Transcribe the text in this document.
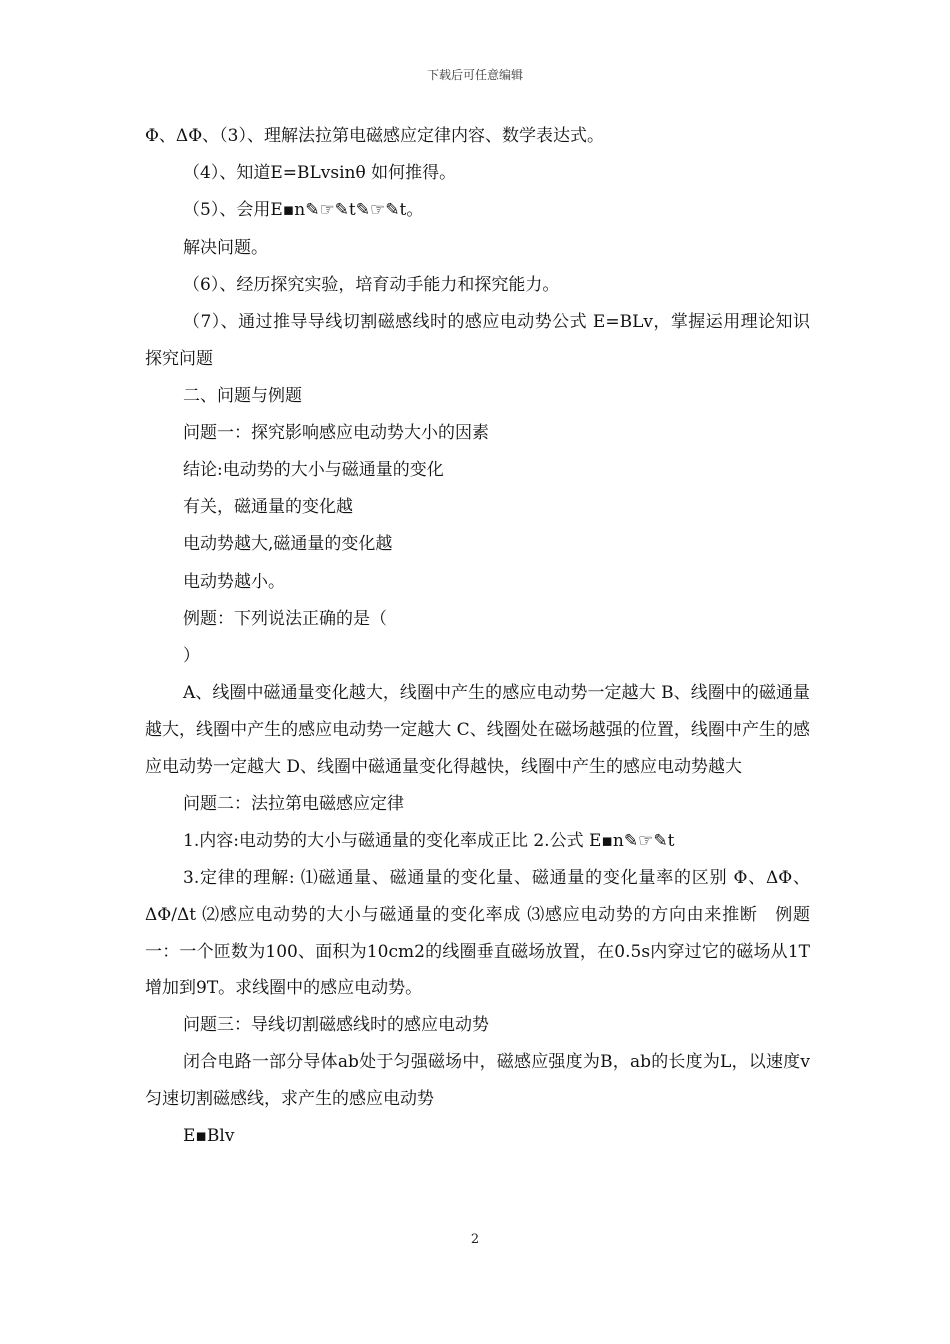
下载后可任意编辑
Φ、ΔΦ、（3）、理解法拉第电磁感应定律内容、数学表达式。
（4）、知道E=BLvsinθ 如何推得。
（5）、会用E▪n✎☞✎t✎☞✎t。
解决问题。
（6）、经历探究实验，培育动手能力和探究能力。
（7）、通过推导导线切割磁感线时的感应电动势公式 E=BLv，掌握运用理论知识探究问题
二、问题与例题
问题一：探究影响感应电动势大小的因素
结论:电动势的大小与磁通量的变化
有关，磁通量的变化越
电动势越大,磁通量的变化越
电动势越小。
例题：下列说法正确的是（
）
A、线圈中磁通量变化越大，线圈中产生的感应电动势一定越大 B、线圈中的磁通量越大，线圈中产生的感应电动势一定越大 C、线圈处在磁场越强的位置，线圈中产生的感应电动势一定越大 D、线圈中磁通量变化得越快，线圈中产生的感应电动势越大
问题二：法拉第电磁感应定律
1.内容:电动势的大小与磁通量的变化率成正比 2.公式 E▪n✎☞✎t
3.定律的理解: ⑴磁通量、磁通量的变化量、磁通量的变化量率的区别 Φ、ΔΦ、ΔΦ/Δt ⑵感应电动势的大小与磁通量的变化率成 ⑶感应电动势的方向由来推断　例题一：一个匝数为100、面积为10cm2的线圈垂直磁场放置，在0.5s内穿过它的磁场从1T增加到9T。求线圈中的感应电动势。
问题三：导线切割磁感线时的感应电动势
闭合电路一部分导体ab处于匀强磁场中，磁感应强度为B，ab的长度为L，以速度v匀速切割磁感线，求产生的感应电动势
E▪Blv
2
